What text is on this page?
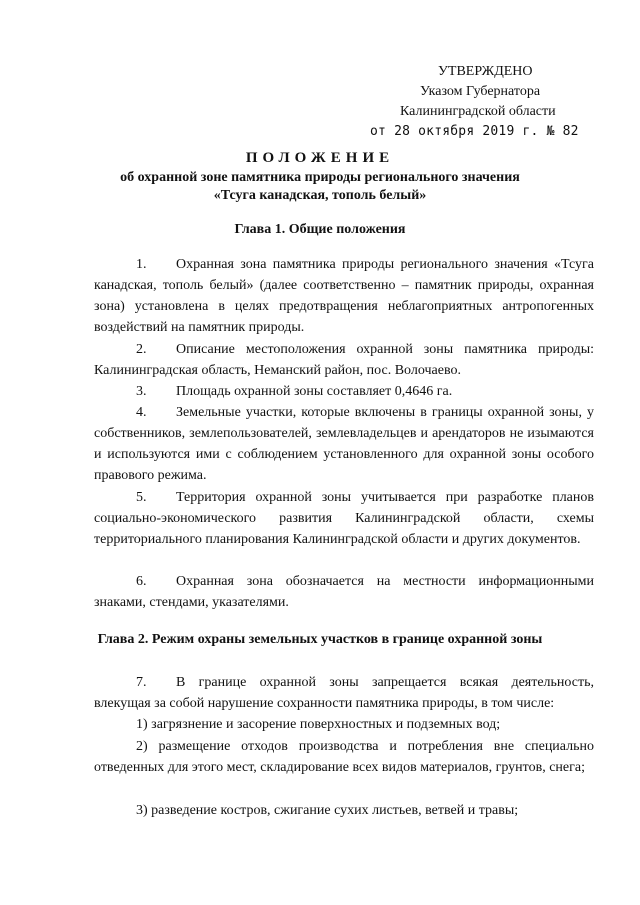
УТВЕРЖДЕНО
Указом Губернатора
Калининградской области
от 28 октября 2019 г. № 82
ПОЛОЖЕНИЕ
об охранной зоне памятника природы регионального значения
«Тсуга канадская, тополь белый»
Глава 1. Общие положения
1. Охранная зона памятника природы регионального значения «Тсуга канадская, тополь белый» (далее соответственно – памятник природы, охранная зона) установлена в целях предотвращения неблагоприятных антропогенных воздействий на памятник природы.
2. Описание местоположения охранной зоны памятника природы: Калининградская область, Неманский район, пос. Волочаево.
3. Площадь охранной зоны составляет 0,4646 га.
4. Земельные участки, которые включены в границы охранной зоны, у собственников, землепользователей, землевладельцев и арендаторов не изымаются и используются ими с соблюдением установленного для охранной зоны особого правового режима.
5. Территория охранной зоны учитывается при разработке планов социально-экономического развития Калининградской области, схемы территориального планирования Калининградской области и других документов.
6. Охранная зона обозначается на местности информационными знаками, стендами, указателями.
Глава 2. Режим охраны земельных участков в границе охранной зоны
7. В границе охранной зоны запрещается всякая деятельность, влекущая за собой нарушение сохранности памятника природы, в том числе:
1) загрязнение и засорение поверхностных и подземных вод;
2) размещение отходов производства и потребления вне специально отведенных для этого мест, складирование всех видов материалов, грунтов, снега;
3) разведение костров, сжигание сухих листьев, ветвей и травы;
